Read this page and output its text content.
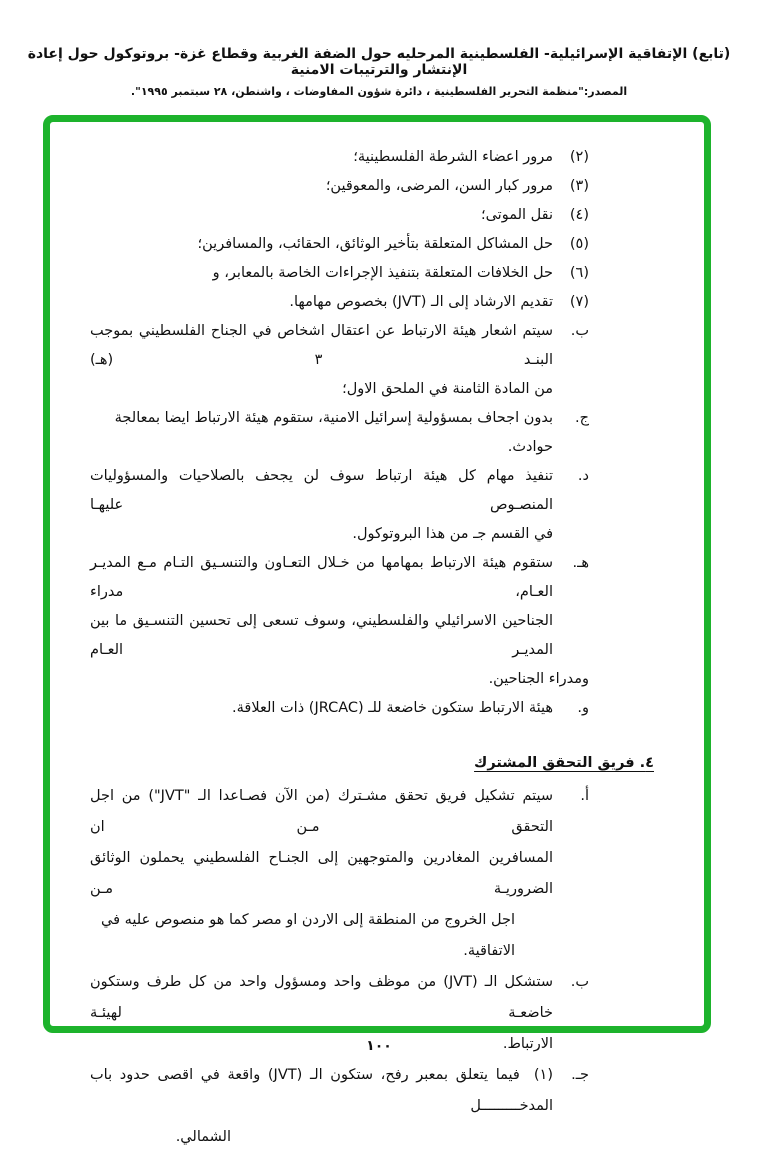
(تابع) الإتفاقية الإسرائيلية- الفلسطينية المرحليه حول الضفة الغربية وقطاع غزة- بروتوكول حول إعادة الإنتشار والترتيبات الامنية
المصدر:"منظمة التحرير الفلسطينية ، دائرة شؤون المفاوضات ، واشنطن، ٢٨ سبتمبر ١٩٩٥".
(٢)
مرور اعضاء الشرطة الفلسطينية؛
(٣)
مرور كبار السن، المرضى، والمعوقين؛
(٤)
نقل الموتى؛
(٥)
حل المشاكل المتعلقة بتأخير الوثائق، الحقائب، والمسافرين؛
(٦)
حل الخلافات المتعلقة بتنفيذ الإجراءات الخاصة بالمعابر، و
(٧)
تقديم الارشاد إلى الـ (JVT) بخصوص مهامها.
ب.
سيتم اشعار هيئة الارتباط عن اعتقال اشخاص في الجناح الفلسطيني بموجب البنـد ٣ (هـ)
من المادة الثامنة في الملحق الاول؛
ج.
بدون اجحاف بمسؤولية إسرائيل الامنية، ستقوم هيئة الارتباط ايضا بمعالجة حوادث.
د.
تنفيذ مهام كل هيئة ارتباط سوف لن يجحف بالصلاحيات والمسؤوليات المنصـوص عليهـا
في القسم جـ من هذا البروتوكول.
هـ.
ستقوم هيئة الارتباط بمهامها من خـلال التعـاون والتنسـيق التـام مـع المديـر العـام، مدراء
الجناحين الاسرائيلي والفلسطيني، وسوف تسعى إلى تحسين التنسـيق ما بين المديـر العـام
ومدراء الجناحين.
و.
هيئة الارتباط ستكون خاضعة للـ (JRCAC) ذات العلاقة.
٤. فريق التحقق المشترك
أ.
سيتم تشكيل فريق تحقق مشـترك (من الآن فصـاعدا الـ "JVT") من اجل التحقق مـن ان
المسافرين المغادرين والمتوجهين إلى الجنـاح الفلسطيني يحملون الوثائق الضروريـة مـن
اجل الخروج من المنطقة إلى الاردن او مصر كما هو منصوص عليه في الاتفاقية.
ب.
ستشكل الـ (JVT) من موظف واحد ومسؤول واحد من كل طرف وستكون خاضعـة لهيئـة
الارتباط.
جـ.
(١)فيما يتعلق بمعبر رفح، ستكون الـ (JVT) واقعة في اقصى حدود باب المدخـــــــــل
الشمالي.
١٠٠
